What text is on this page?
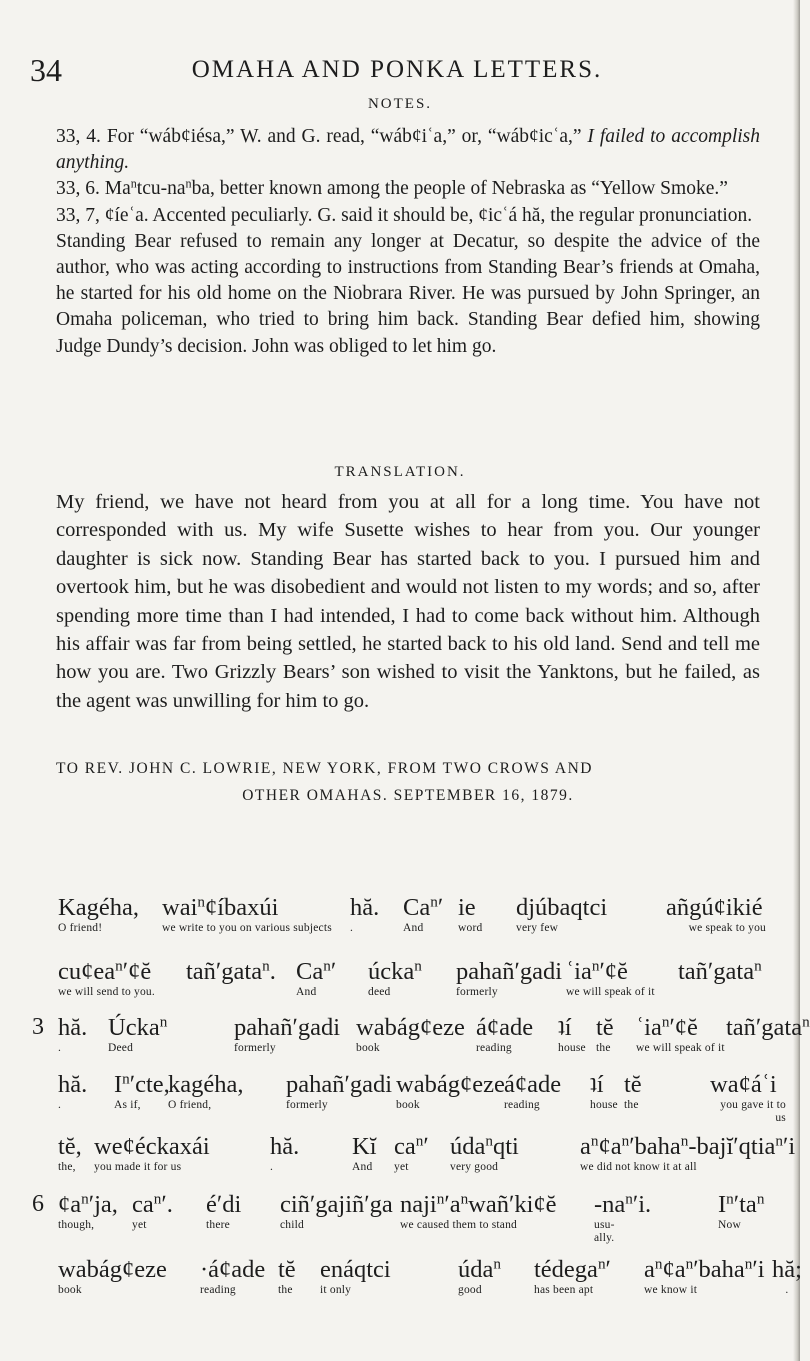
34	OMAHA AND PONKA LETTERS.
NOTES.

33, 4. For “wáb¢iésa,” W. and G. read, “wáb¢iʿa,” or, “wáb¢icʿa,” I failed to accomplish anything.

33, 6. $Ma^ntcu-na^nba$, better known among the people of Nebraska as “Yellow Smoke.”

33, 7, ¢íeʿa. Accented peculiarly. G. said it should be, ¢icʿá hă, the regular pronunciation.

Standing Bear refused to remain any longer at Decatur, so despite the advice of the author, who was acting according to instructions from Standing Bear’s friends at Omaha, he started for his old home on the Niobrara River. He was pursued by John Springer, an Omaha policeman, who tried to bring him back. Standing Bear defied him, showing Judge Dundy’s decision. John was obliged to let him go.

TRANSLATION.

My friend, we have not heard from you at all for a long time. You have not corresponded with us. My wife Susette wishes to hear from you. Our younger daughter is sick now. Standing Bear has started back to you. I pursued him and overtook him, but he was disobedient and would not listen to my words; and so, after spending more time than I had intended, I had to come back without him. Although his affair was far from being settled, he started back to his old land. Send and tell me how you are. Two Grizzly Bears’ son wished to visit the Yanktons, but he failed, as the agent was unwilling for him to go.

TO REV. JOHN C. LOWRIE, NEW YORK, FROM TWO CROWS AND
OTHER OMAHAS. SEPTEMBER 16, 1879.
Kagéha,
O friend!
wai$^n$¢íbaxúi
we write to you on various subjects
hă.
.
Ca$^n$ʹ
And
ie
word
djúbaqtci
very few
añgú¢ikié
we speak to you
$cu¢ea^nʹ¢ĕ$
we will send to you.
tañʹgata$^n$. Ca$^n$ʹ
And
úcka$^n$
deed
pahañʹgadi
formerly
ʿia$^n$ʹ¢ĕ
we will speak of it
tañʹgata$^n$
3 hă.
.
Úcka$^n$
Deed
pahañʹgadi
formerly
wabág¢eze
book
á¢ade
reading
ʇí
house
tĕ
the
ʿia$^n$ʹ¢ĕ
we will speak of it
tañʹgata$^n$
hă.
.
$I^nʹcte$,
As if,
kagéha,
O friend,
pahañʹgadi
formerly
wabág¢eze
book
á¢ade
reading
ʇí
house
tĕ
the
wa¢áʿi
you gave it to us
tĕ,
the,
we¢éckaxái
you made it for us
hă.
.
Kĭ
And
$ca^nʹ$
yet
úda$^n$qti
very good
$a^n¢a^nʹbaha^n-bajĭʹqtia^nʹi$
we did not know it at all
6 $¢a^nʹja$,
though,
$ca^nʹ$.
yet
éʹdi
there
ciñʹgajiñʹga
child
naji$^n$ʹa$^n$wañʹki¢ĕ
we caused them to stand
$-na^nʹi$.
usu- ally.
$I^nʹta^n$
Now
wabág¢eze
book
·á¢ade
reading
tĕ
the
enáqtci
it only
úda$^n$
good
tédega$^n$ʹ
has been apt
$a^n¢a^nʹbaha^nʹi$
we know it
hă;
.
